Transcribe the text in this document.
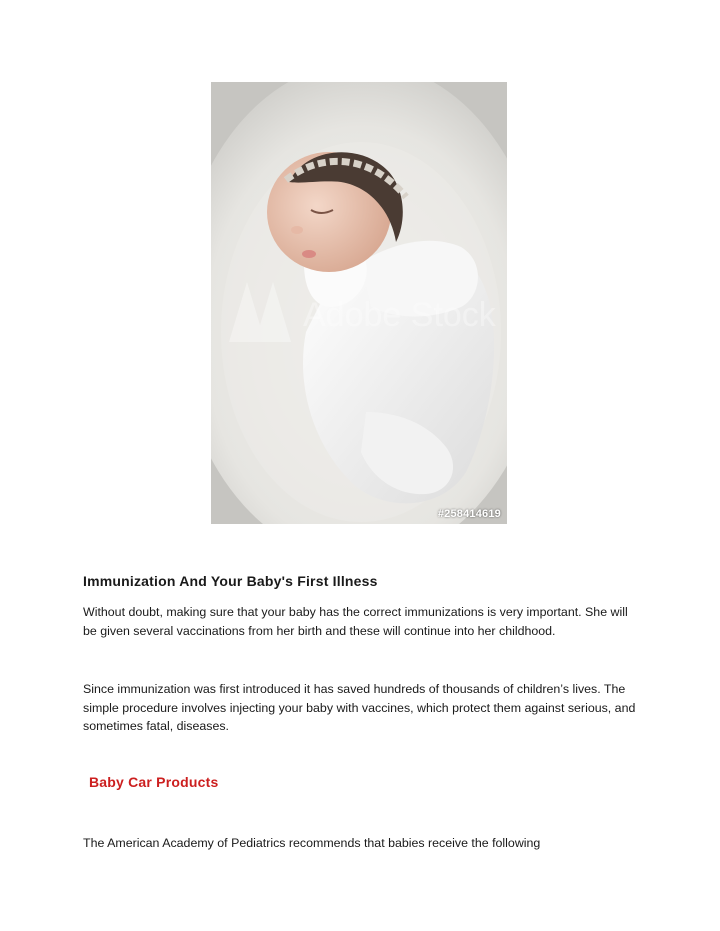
Adobe Stock
#258414619
Immunization And Your Baby's First Illness

Without doubt, making sure that your baby has the correct immunizations is very important. She will be given several vaccinations from her birth and these will continue into her childhood.

Since immunization was first introduced it has saved hundreds of thousands of children’s lives. The simple procedure involves injecting your baby with vaccines, which protect them against serious, and sometimes fatal, diseases.

Baby Car Products

The American Academy of Pediatrics recommends that babies receive the following
